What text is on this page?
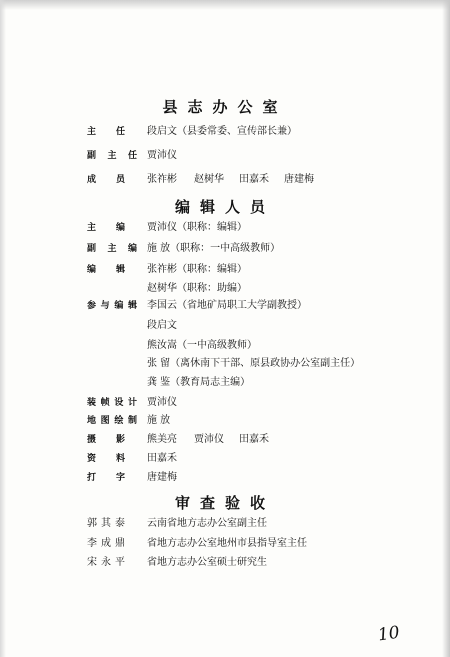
县志办公室
主 任 段启文（县委常委、宣传部长兼）
副 主 任 贾沛仪
成 员 张祚彬 赵树华 田嘉禾 唐建梅
编辑人员
主 编 贾沛仪（职称：编辑）
副 主 编 施 放（职称：一中高级教师）
编 辑 张祚彬（职称：编辑）
赵树华（职称：助编）
参 与 编 辑 李国云（省地矿局职工大学副教授）
段启文
熊汝嵩（一中高级教师）
张 留（离休南下干部、原县政协办公室副主任）
龚 鉴（教育局志主编）
装 帧 设 计 贾沛仪
地 图 绘 制 施 放
摄 影 熊美亮 贾沛仪 田嘉禾
资 料 田嘉禾
打 字 唐建梅
审查验收
郭 其 泰 云南省地方志办公室副主任
李 成 鼎 省地方志办公室地州市县指导室主任
宋 永 平 省地方志办公室硕士研究生
10
